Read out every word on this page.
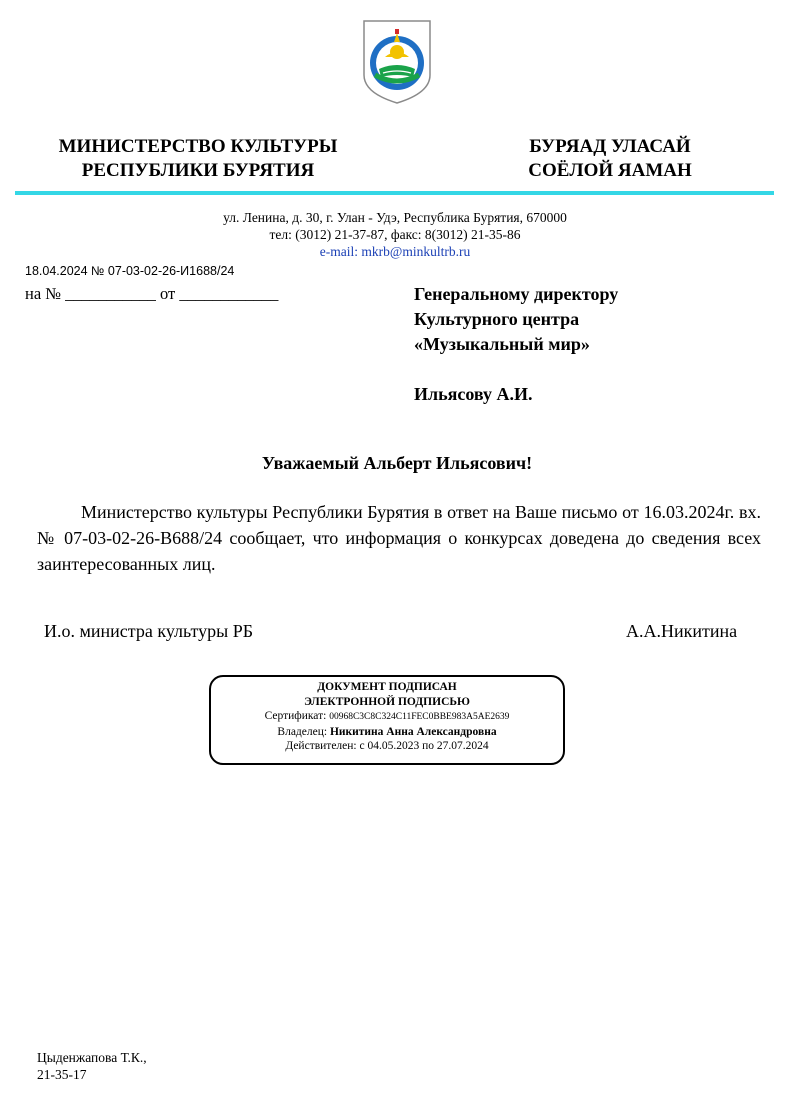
МИНИСТЕРСТВО КУЛЬТУРЫ
РЕСПУБЛИКИ БУРЯТИЯ
БУРЯАД УЛАСАЙ
СОЁЛОЙ ЯАМАН
ул. Ленина, д. 30, г. Улан - Удэ, Республика Бурятия, 670000
тел: (3012) 21-37-87, факс: 8(3012) 21-35-86
e-mail: mkrb@minkultrb.ru
18.04.2024 № 07-03-02-26-И1688/24
на № ___________ от ____________	Генеральному директору
Культурного центра
«Музыкальный мир»
Ильясову А.И.
Уважаемый Альберт Ильясович!
Министерство культуры Республики Бурятия в ответ на Ваше письмо от 16.03.2024г. вх.№ 07-03-02-26-В688/24 сообщает, что информация о конкурсах доведена до сведения всех заинтересованных лиц.
И.о. министра культуры РБ	А.А.Никитина
ДОКУМЕНТ ПОДПИСАН
ЭЛЕКТРОННОЙ ПОДПИСЬЮ
Сертификат: 00968C3C8C324C11FEC0BBE983A5AE2639
Владелец: Никитина Анна Александровна
Действителен: с 04.05.2023 по 27.07.2024
Цыденжапова Т.К.,
21-35-17
